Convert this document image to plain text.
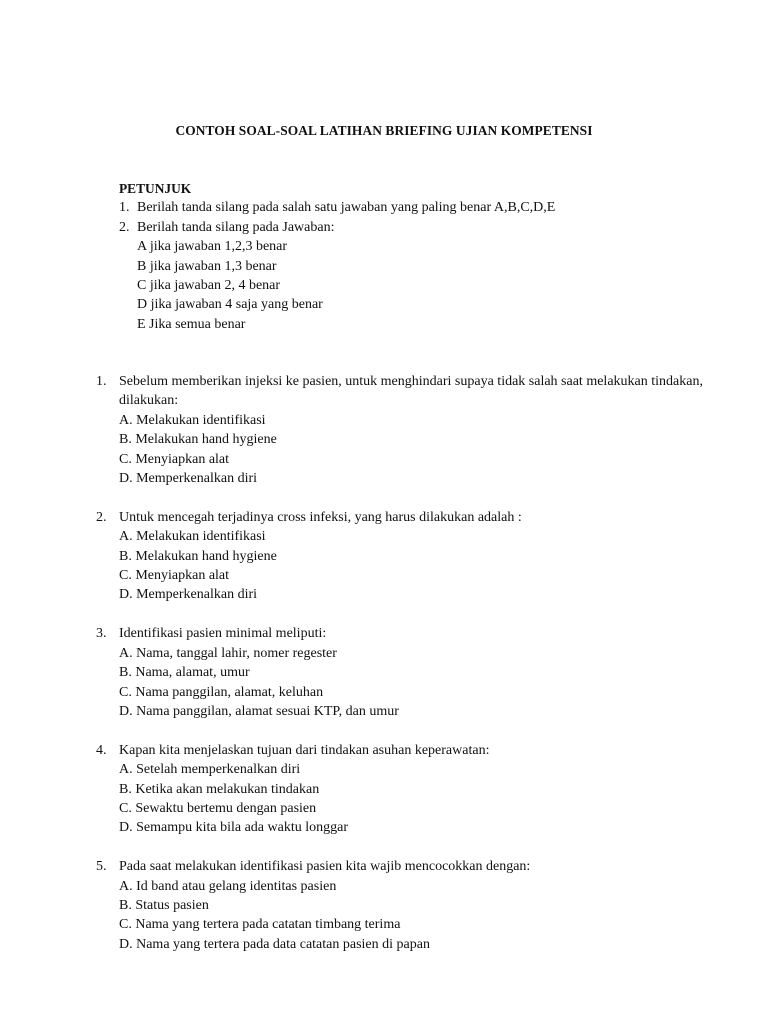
CONTOH SOAL-SOAL LATIHAN BRIEFING UJIAN KOMPETENSI
PETUNJUK
1. Berilah tanda silang pada salah satu jawaban yang paling benar A,B,C,D,E
2. Berilah tanda silang pada Jawaban:
A jika jawaban 1,2,3 benar
B jika jawaban 1,3 benar
C jika jawaban 2, 4 benar
D jika jawaban 4 saja yang benar
E Jika semua benar
1. Sebelum memberikan injeksi ke pasien, untuk menghindari supaya tidak salah saat melakukan tindakan, dilakukan:
A. Melakukan identifikasi
B. Melakukan hand hygiene
C. Menyiapkan alat
D. Memperkenalkan diri
2. Untuk mencegah terjadinya cross infeksi, yang harus dilakukan adalah :
A. Melakukan identifikasi
B. Melakukan hand hygiene
C. Menyiapkan alat
D. Memperkenalkan diri
3. Identifikasi pasien minimal meliputi:
A. Nama, tanggal lahir, nomer regester
B. Nama, alamat, umur
C. Nama panggilan, alamat, keluhan
D. Nama panggilan, alamat sesuai KTP, dan umur
4. Kapan kita menjelaskan tujuan dari tindakan asuhan keperawatan:
A. Setelah memperkenalkan diri
B. Ketika akan melakukan tindakan
C. Sewaktu bertemu dengan pasien
D. Semampu kita bila ada waktu longgar
5. Pada saat melakukan identifikasi pasien kita wajib mencocokkan dengan:
A. Id band atau gelang identitas pasien
B. Status pasien
C. Nama yang tertera pada catatan timbang terima
D. Nama yang tertera pada data catatan pasien di papan
